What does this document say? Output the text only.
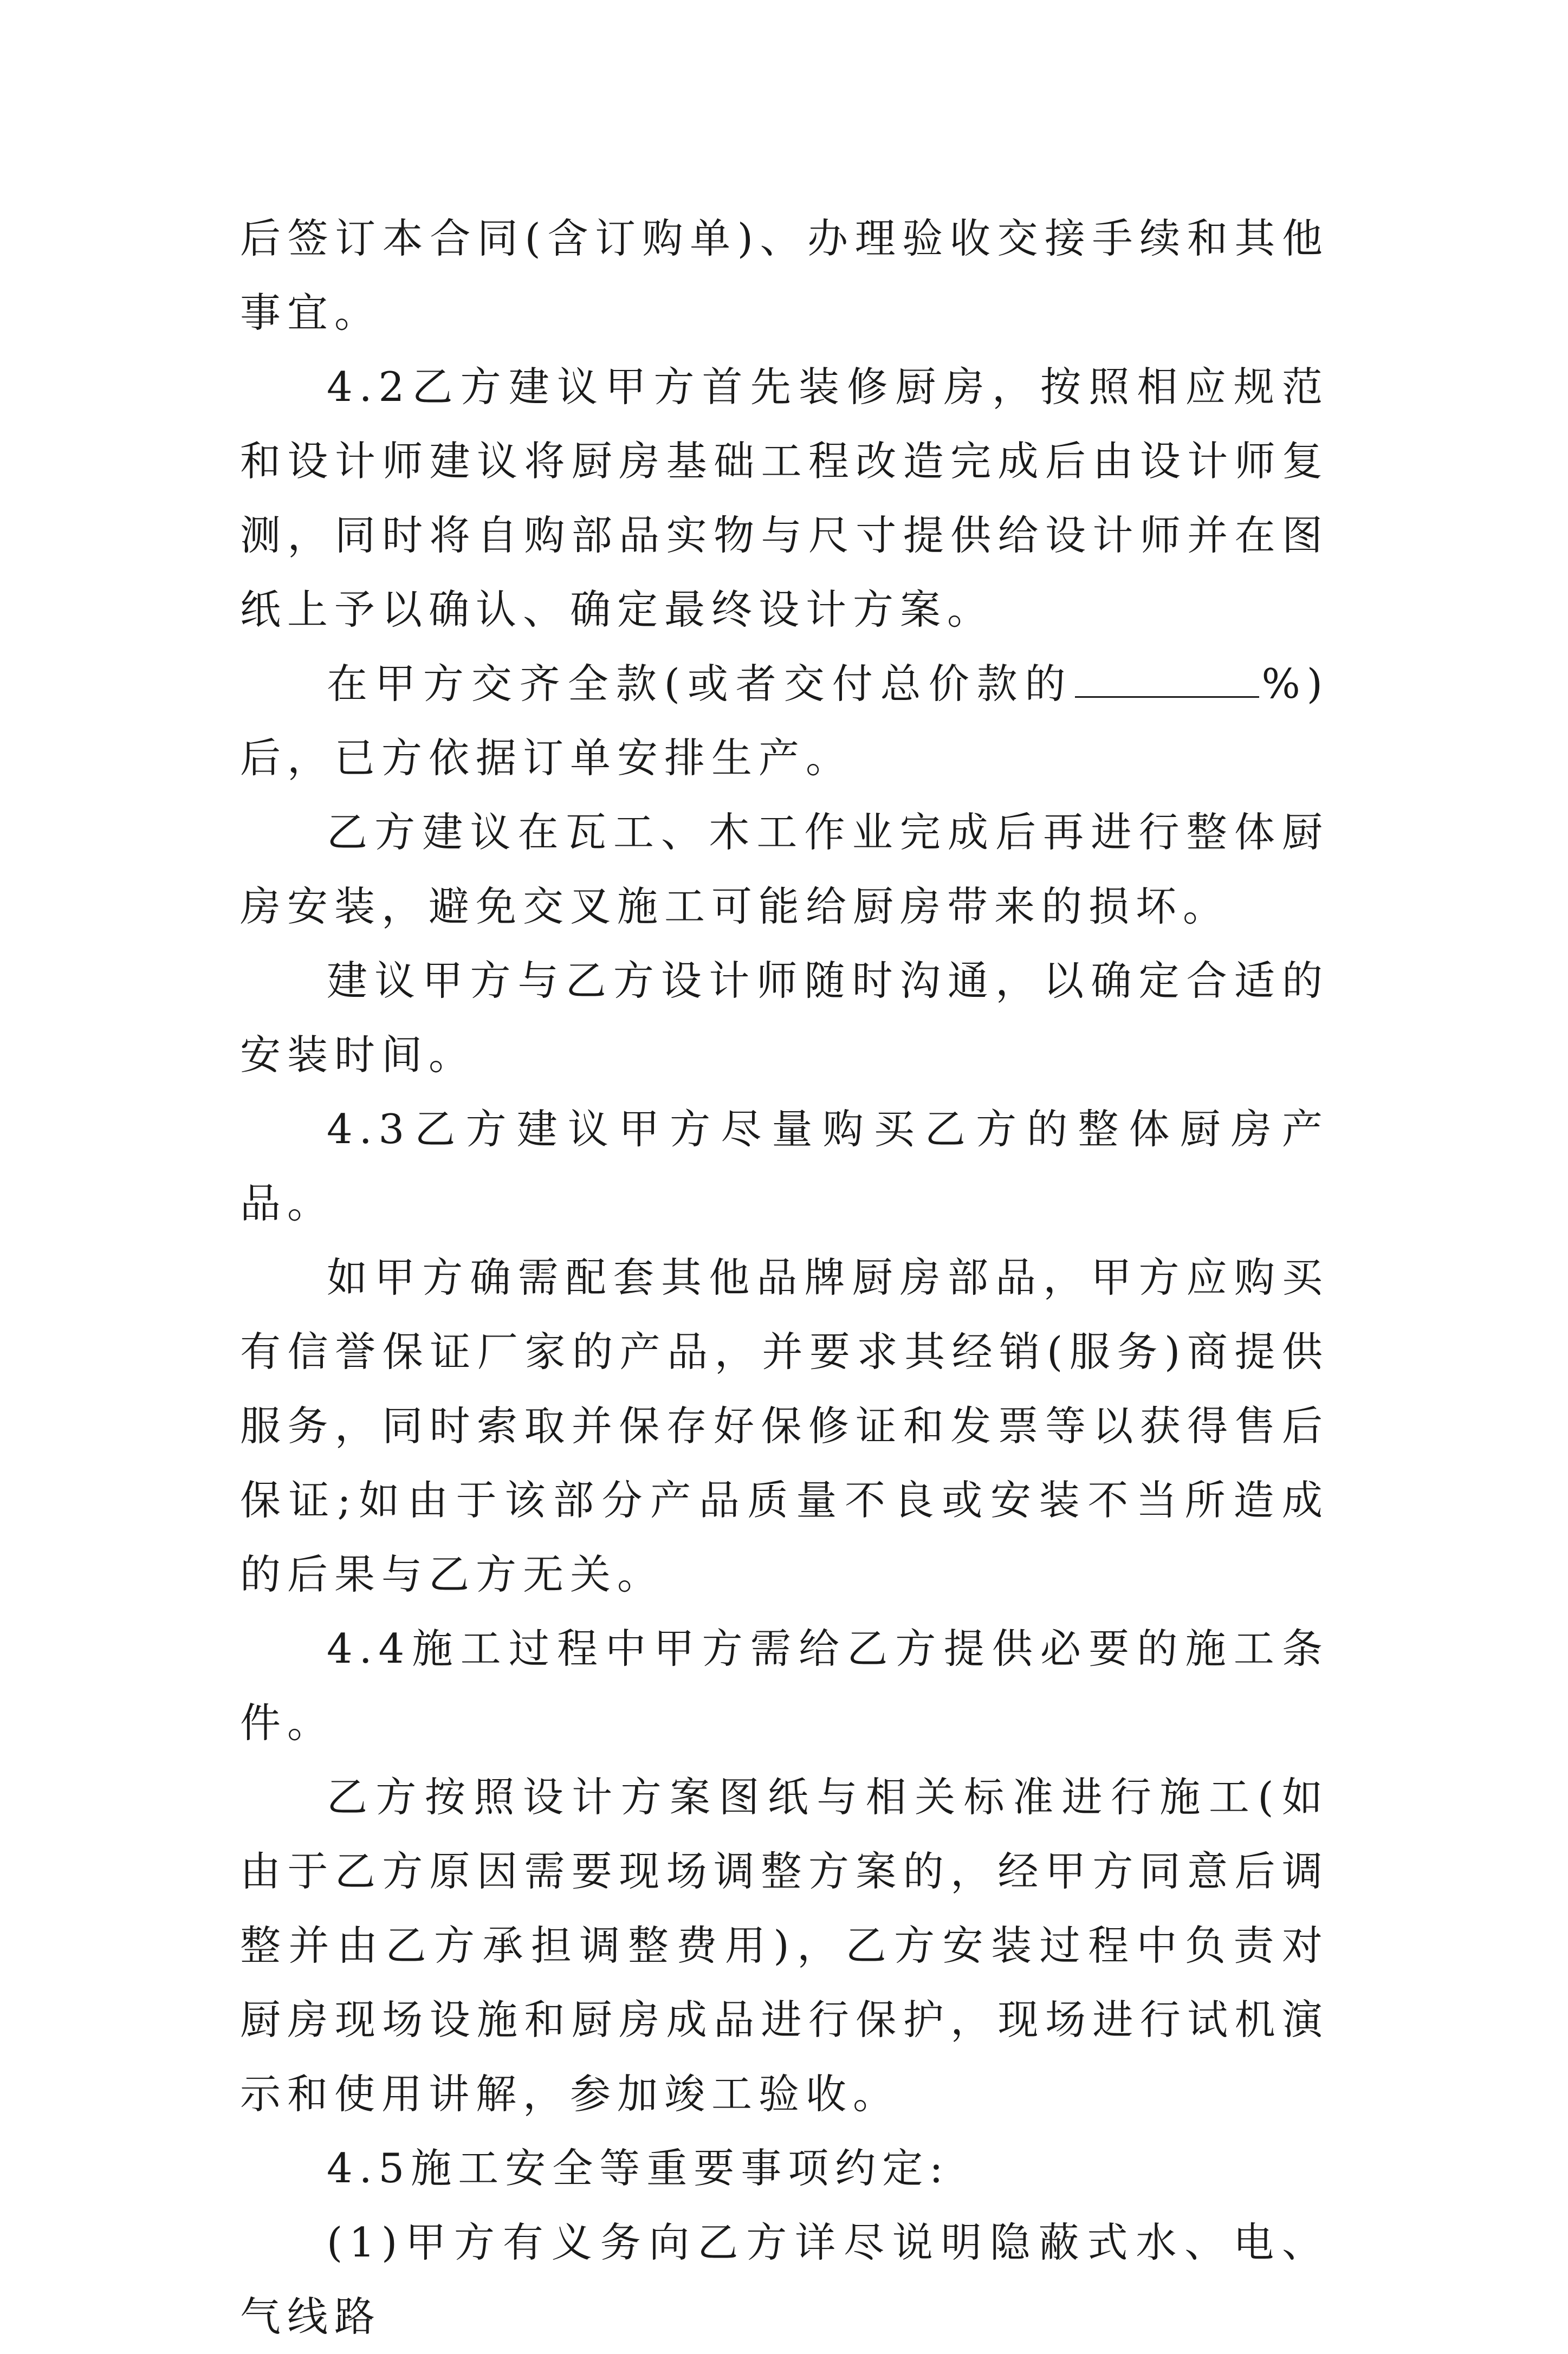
后签订本合同(含订购单)、办理验收交接手续和其他事宜。

4.2乙方建议甲方首先装修厨房，按照相应规范和设计师建议将厨房基础工程改造完成后由设计师复测，同时将自购部品实物与尺寸提供给设计师并在图纸上予以确认、确定最终设计方案。

在甲方交齐全款(或者交付总价款的	%)后，已方依据订单安排生产。

乙方建议在瓦工、木工作业完成后再进行整体厨房安装，避免交叉施工可能给厨房带来的损坏。

建议甲方与乙方设计师随时沟通，以确定合适的安装时间。

4.3乙方建议甲方尽量购买乙方的整体厨房产品。

如甲方确需配套其他品牌厨房部品，甲方应购买有信誉保证厂家的产品，并要求其经销(服务)商提供服务，同时索取并保存好保修证和发票等以获得售后保证;如由于该部分产品质量不良或安装不当所造成的后果与乙方无关。

4.4施工过程中甲方需给乙方提供必要的施工条件。

乙方按照设计方案图纸与相关标准进行施工(如由于乙方原因需要现场调整方案的，经甲方同意后调整并由乙方承担调整费用)，乙方安装过程中负责对厨房现场设施和厨房成品进行保护，现场进行试机演示和使用讲解，参加竣工验收。

4.5施工安全等重要事项约定:

(1)甲方有义务向乙方详尽说明隐蔽式水、电、气线路
